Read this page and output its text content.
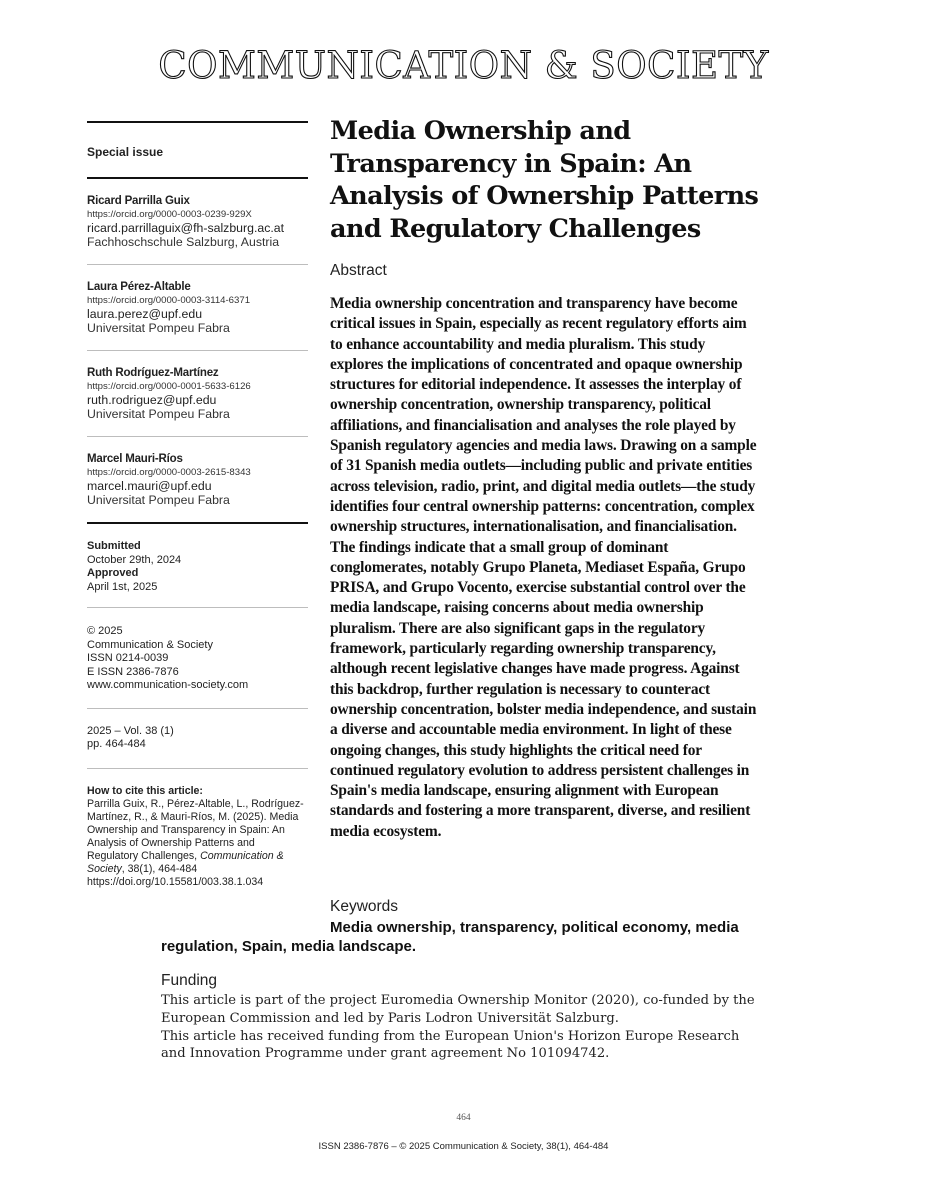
COMMUNICATION & SOCIETY
Special issue
Ricard Parrilla Guix
https://orcid.org/0000-0003-0239-929X
ricard.parrillaguix@fh-salzburg.ac.at
Fachhoschschule Salzburg, Austria
Laura Pérez-Altable
https://orcid.org/0000-0003-3114-6371
laura.perez@upf.edu
Universitat Pompeu Fabra
Ruth Rodríguez-Martínez
https://orcid.org/0000-0001-5633-6126
ruth.rodriguez@upf.edu
Universitat Pompeu Fabra
Marcel Mauri-Ríos
https://orcid.org/0000-0003-2615-8343
marcel.mauri@upf.edu
Universitat Pompeu Fabra
Submitted
October 29th, 2024
Approved
April 1st, 2025
© 2025
Communication & Society
ISSN 0214-0039
E ISSN 2386-7876
www.communication-society.com
2025 – Vol. 38 (1)
pp. 464-484
How to cite this article:
Parrilla Guix, R., Pérez-Altable, L., Rodríguez-Martínez, R., & Mauri-Ríos, M. (2025). Media Ownership and Transparency in Spain: An Analysis of Ownership Patterns and Regulatory Challenges, Communication & Society, 38(1), 464-484
https://doi.org/10.15581/003.38.1.034
Media Ownership and Transparency in Spain: An Analysis of Ownership Patterns and Regulatory Challenges
Abstract

Media ownership concentration and transparency have become critical issues in Spain, especially as recent regulatory efforts aim to enhance accountability and media pluralism. This study explores the implications of concentrated and opaque ownership structures for editorial independence. It assesses the interplay of ownership concentration, ownership transparency, political affiliations, and financialisation and analyses the role played by Spanish regulatory agencies and media laws. Drawing on a sample of 31 Spanish media outlets—including public and private entities across television, radio, print, and digital media outlets—the study identifies four central ownership patterns: concentration, complex ownership structures, internationalisation, and financialisation. The findings indicate that a small group of dominant conglomerates, notably Grupo Planeta, Mediaset España, Grupo PRISA, and Grupo Vocento, exercise substantial control over the media landscape, raising concerns about media ownership pluralism. There are also significant gaps in the regulatory framework, particularly regarding ownership transparency, although recent legislative changes have made progress. Against this backdrop, further regulation is necessary to counteract ownership concentration, bolster media independence, and sustain a diverse and accountable media environment. In light of these ongoing changes, this study highlights the critical need for continued regulatory evolution to address persistent challenges in Spain's media landscape, ensuring alignment with European standards and fostering a more transparent, diverse, and resilient media ecosystem.

Keywords

Media ownership, transparency, political economy, media regulation, Spain, media landscape.

Funding

This article is part of the project Euromedia Ownership Monitor (2020), co-funded by the European Commission and led by Paris Lodron Universität Salzburg.
This article has received funding from the European Union's Horizon Europe Research and Innovation Programme under grant agreement No 101094742.

464
ISSN 2386-7876 – © 2025 Communication & Society, 38(1), 464-484
